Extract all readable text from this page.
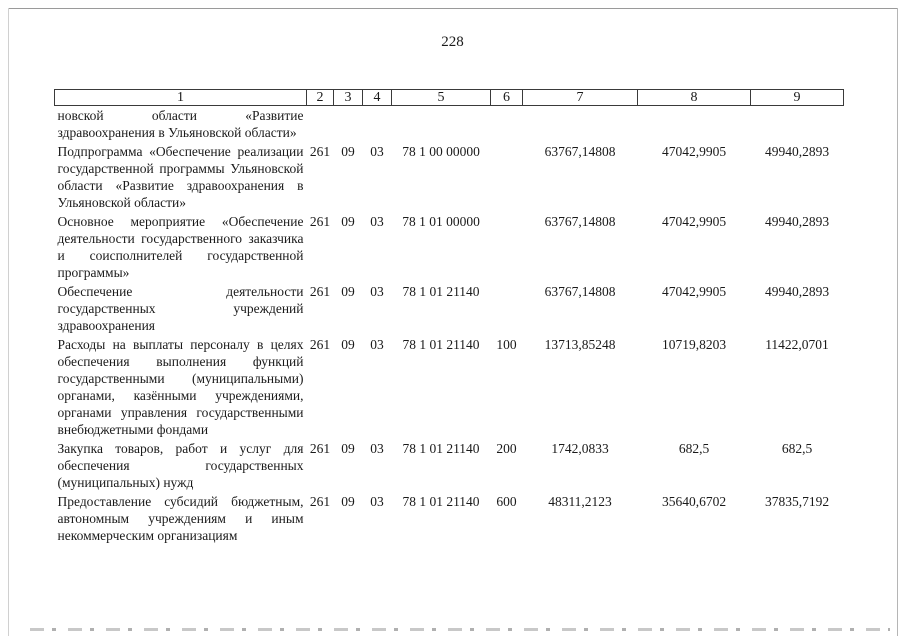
228
1	2	3	4	5	6	7	8	9
новской области «Развитие здравоохранения в Ульяновской области»								
Подпрограмма «Обеспечение реализации государственной программы Ульяновской области «Развитие здравоохранения в Ульяновской области»	261	09	03	78 1 00 00000		63767,14808	47042,9905	49940,2893
Основное мероприятие «Обеспечение деятельности государственного заказчика и соисполнителей государственной программы»	261	09	03	78 1 01 00000		63767,14808	47042,9905	49940,2893
Обеспечение деятельности государственных учреждений здравоохранения	261	09	03	78 1 01 21140		63767,14808	47042,9905	49940,2893
Расходы на выплаты персоналу в целях обеспечения выполнения функций государственными (муниципальными) органами, казёнными учреждениями, органами управления государственными внебюджетными фондами	261	09	03	78 1 01 21140	100	13713,85248	10719,8203	11422,0701
Закупка товаров, работ и услуг для обеспечения государственных (муниципальных) нужд	261	09	03	78 1 01 21140	200	1742,0833	682,5	682,5
Предоставление субсидий бюджетным, автономным учреждениям и иным некоммерческим организациям	261	09	03	78 1 01 21140	600	48311,2123	35640,6702	37835,7192
